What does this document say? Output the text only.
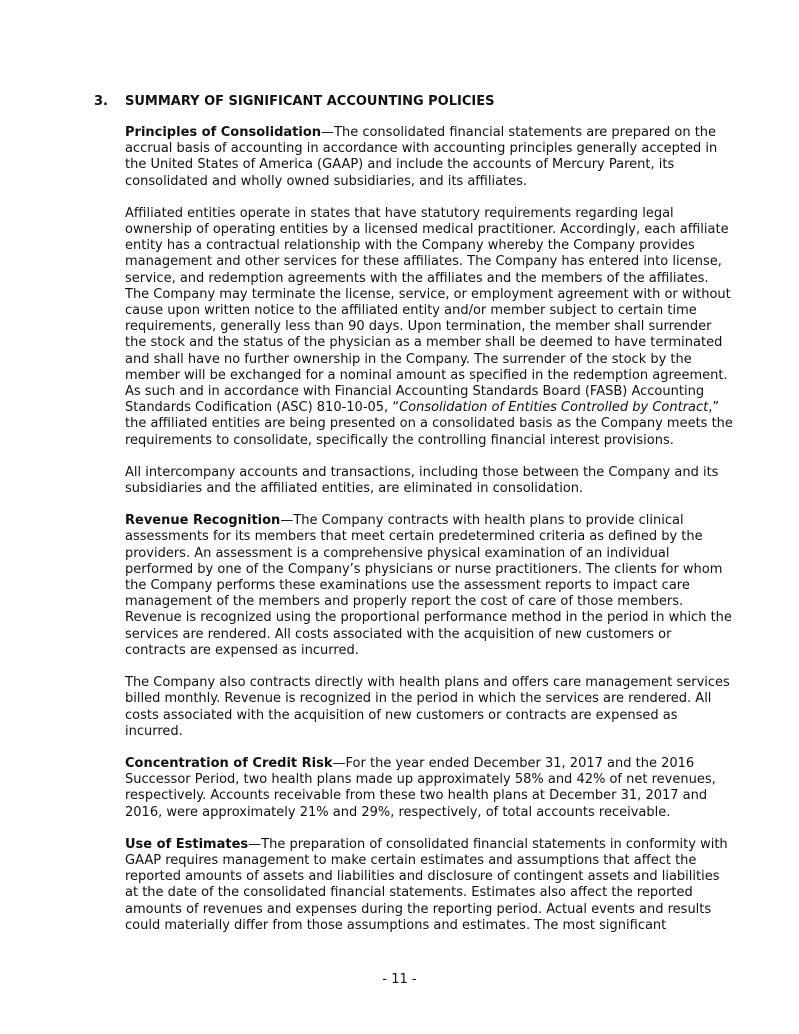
3.	SUMMARY OF SIGNIFICANT ACCOUNTING POLICIES

Principles of Consolidation—The consolidated financial statements are prepared on the accrual basis of accounting in accordance with accounting principles generally accepted in the United States of America (GAAP) and include the accounts of Mercury Parent, its consolidated and wholly owned subsidiaries, and its affiliates.

Affiliated entities operate in states that have statutory requirements regarding legal ownership of operating entities by a licensed medical practitioner. Accordingly, each affiliate entity has a contractual relationship with the Company whereby the Company provides management and other services for these affiliates. The Company has entered into license, service, and redemption agreements with the affiliates and the members of the affiliates. The Company may terminate the license, service, or employment agreement with or without cause upon written notice to the affiliated entity and/or member subject to certain time requirements, generally less than 90 days. Upon termination, the member shall surrender the stock and the status of the physician as a member shall be deemed to have terminated and shall have no further ownership in the Company. The surrender of the stock by the member will be exchanged for a nominal amount as specified in the redemption agreement. As such and in accordance with Financial Accounting Standards Board (FASB) Accounting Standards Codification (ASC) 810-10-05, “Consolidation of Entities Controlled by Contract,” the affiliated entities are being presented on a consolidated basis as the Company meets the requirements to consolidate, specifically the controlling financial interest provisions.

All intercompany accounts and transactions, including those between the Company and its subsidiaries and the affiliated entities, are eliminated in consolidation.

Revenue Recognition—The Company contracts with health plans to provide clinical assessments for its members that meet certain predetermined criteria as defined by the providers. An assessment is a comprehensive physical examination of an individual performed by one of the Company’s physicians or nurse practitioners. The clients for whom the Company performs these examinations use the assessment reports to impact care management of the members and properly report the cost of care of those members. Revenue is recognized using the proportional performance method in the period in which the services are rendered. All costs associated with the acquisition of new customers or contracts are expensed as incurred.

The Company also contracts directly with health plans and offers care management services billed monthly. Revenue is recognized in the period in which the services are rendered. All costs associated with the acquisition of new customers or contracts are expensed as incurred.

Concentration of Credit Risk—For the year ended December 31, 2017 and the 2016 Successor Period, two health plans made up approximately 58% and 42% of net revenues, respectively. Accounts receivable from these two health plans at December 31, 2017 and 2016, were approximately 21% and 29%, respectively, of total accounts receivable.

Use of Estimates—The preparation of consolidated financial statements in conformity with GAAP requires management to make certain estimates and assumptions that affect the reported amounts of assets and liabilities and disclosure of contingent assets and liabilities at the date of the consolidated financial statements. Estimates also affect the reported amounts of revenues and expenses during the reporting period. Actual events and results could materially differ from those assumptions and estimates. The most significant

- 11 -
